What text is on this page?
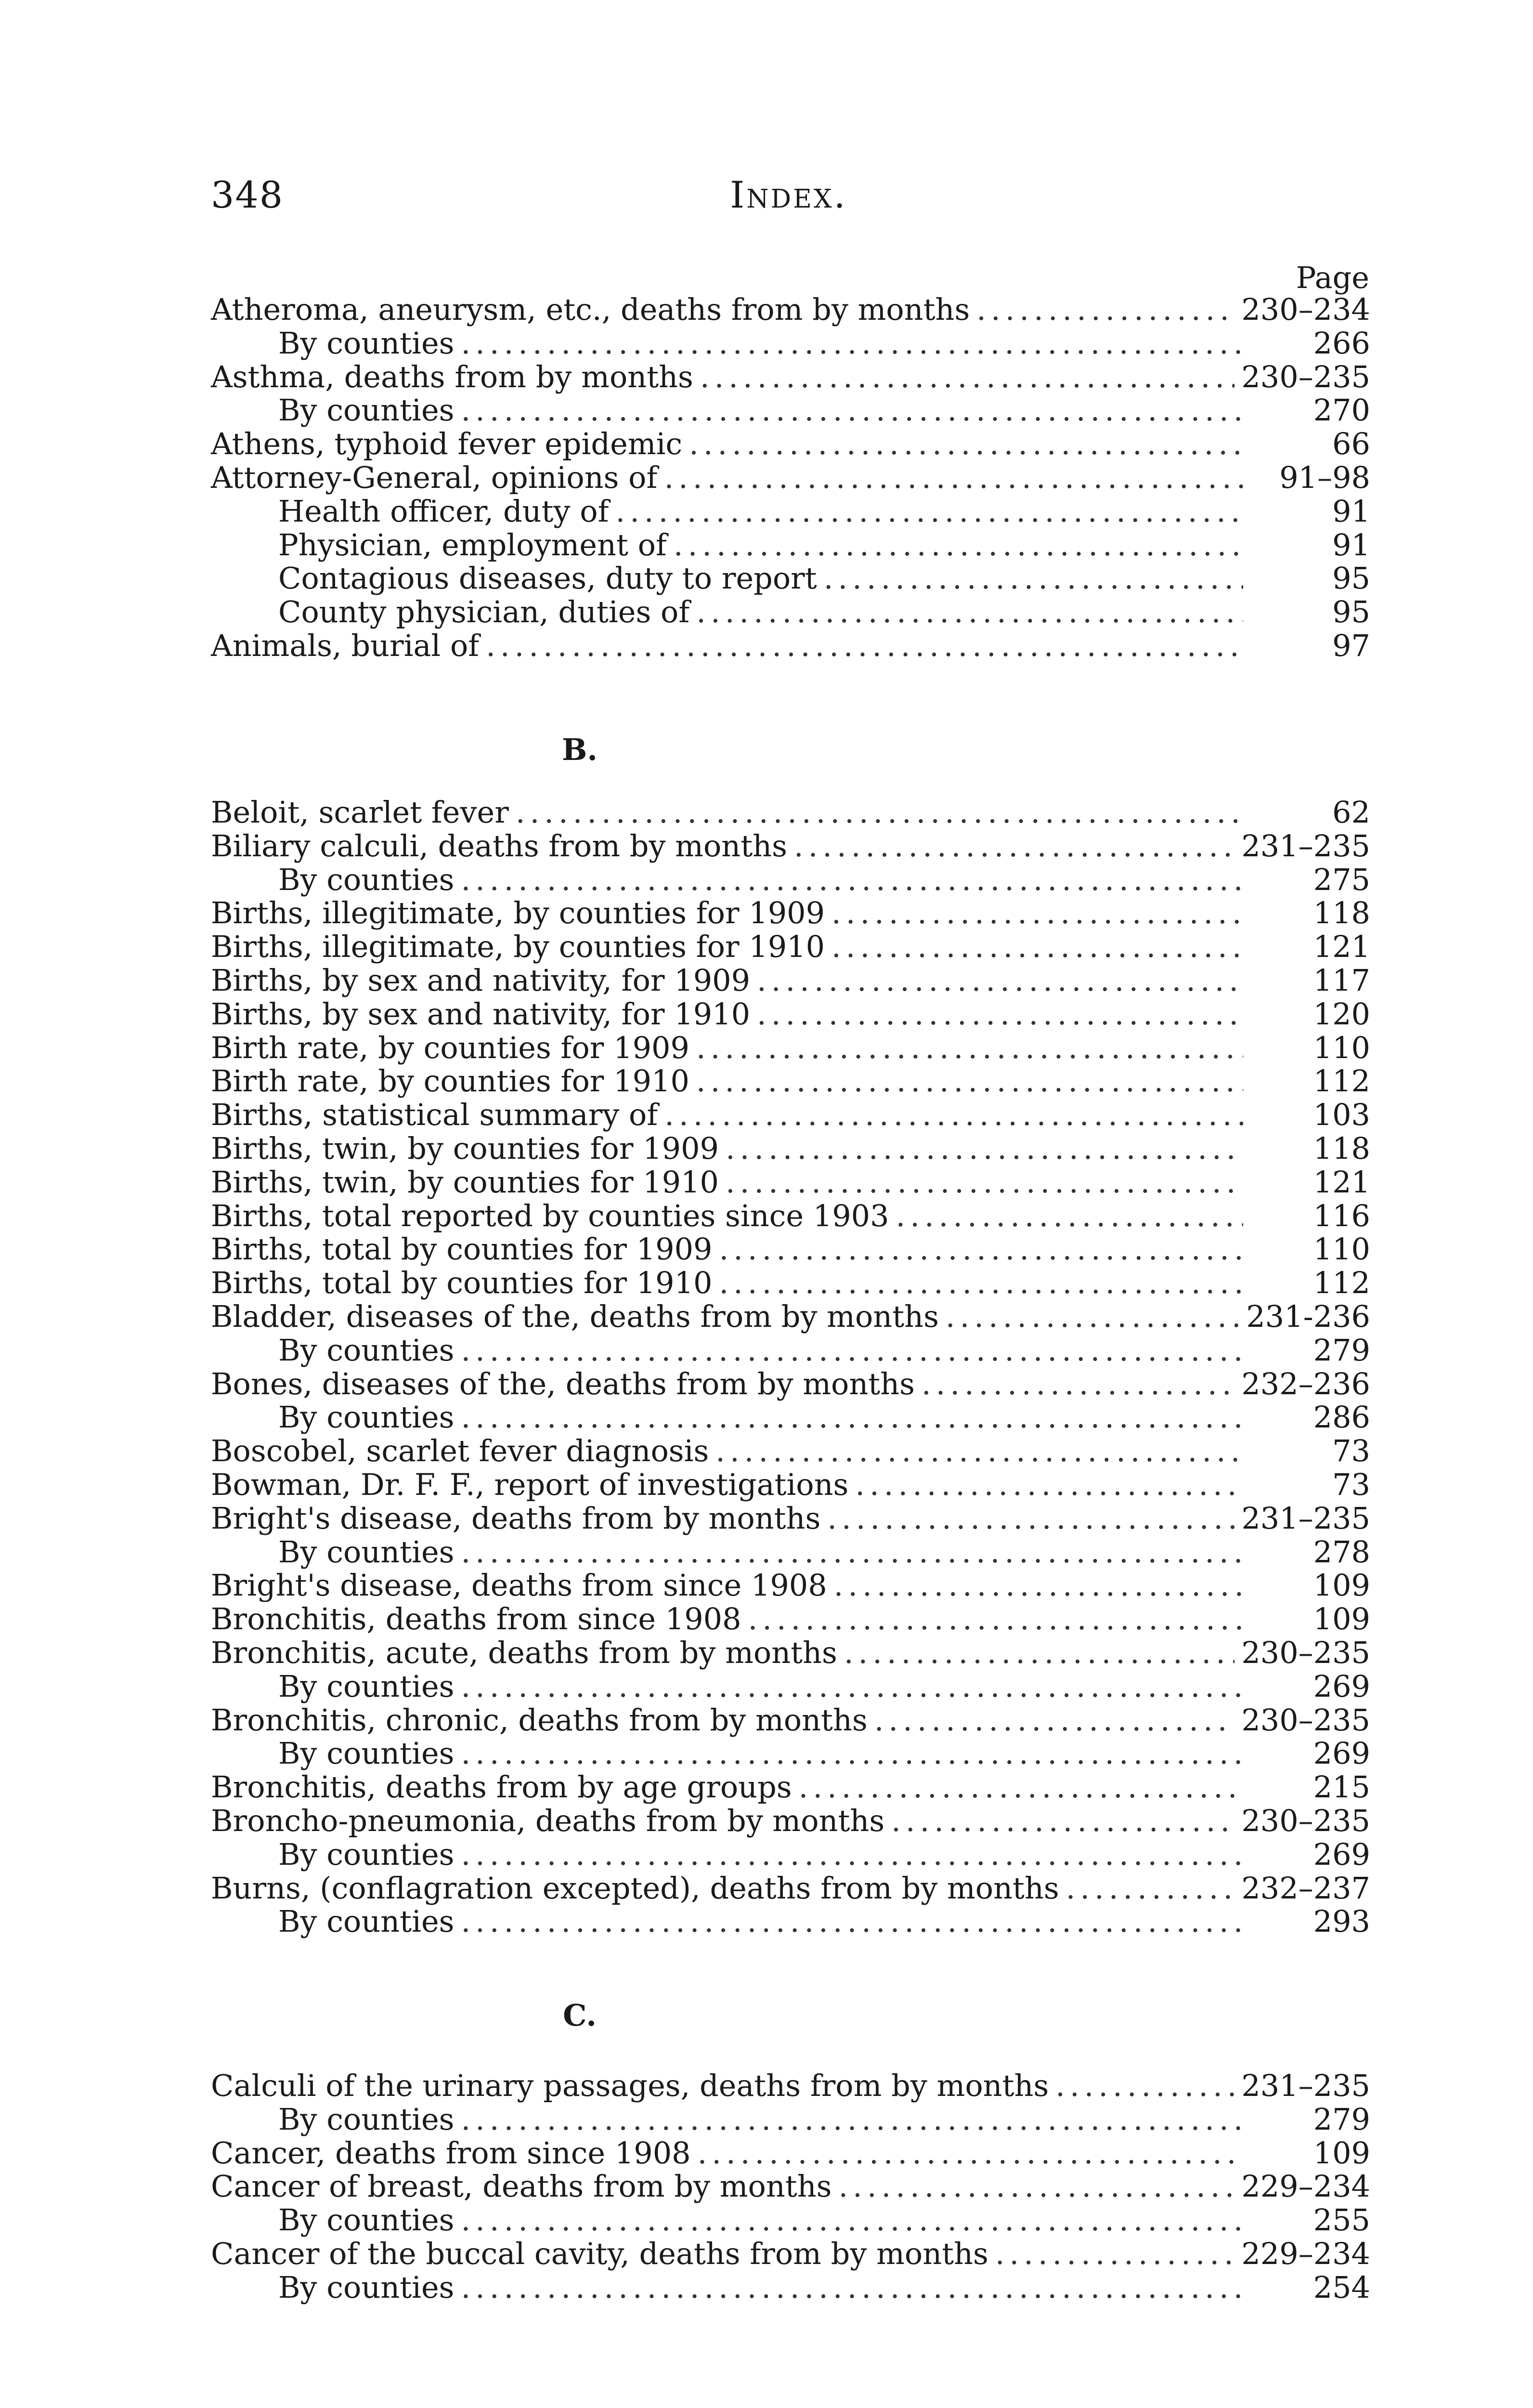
348	Index.
Page
Atheroma, aneurysm, etc., deaths from by months .....	230–234
By counties .....	266
Asthma, deaths from by months .....	230–235
By counties .....	270
Athens, typhoid fever epidemic .....	66
Attorney-General, opinions of .....	91–98
Health officer, duty of .....	91
Physician, employment of .....	91
Contagious diseases, duty to report .....	95
County physician, duties of .....	95
Animals, burial of .....	97
B.
Beloit, scarlet fever .....	62
Biliary calculi, deaths from by months .....	231–235
By counties .....	275
Births, illegitimate, by counties for 1909 .....	118
Births, illegitimate, by counties for 1910 .....	121
Births, by sex and nativity, for 1909 .....	117
Births, by sex and nativity, for 1910 .....	120
Birth rate, by counties for 1909 .....	110
Birth rate, by counties for 1910 .....	112
Births, statistical summary of .....	103
Births, twin, by counties for 1909 .....	118
Births, twin, by counties for 1910 .....	121
Births, total reported by counties since 1903 .....	116
Births, total by counties for 1909 .....	110
Births, total by counties for 1910 .....	112
Bladder, diseases of the, deaths from by months .....	231-236
By counties .....	279
Bones, diseases of the, deaths from by months .....	232–236
By counties .....	286
Boscobel, scarlet fever diagnosis .....	73
Bowman, Dr. F. F., report of investigations .....	73
Bright's disease, deaths from by months .....	231–235
By counties .....	278
Bright's disease, deaths from since 1908 .....	109
Bronchitis, deaths from since 1908 .....	109
Bronchitis, acute, deaths from by months .....	230–235
By counties .....	269
Bronchitis, chronic, deaths from by months .....	230–235
By counties .....	269
Bronchitis, deaths from by age groups .....	215
Broncho-pneumonia, deaths from by months .....	230–235
By counties .....	269
Burns, (conflagration excepted), deaths from by months .....	232–237
By counties .....	293
C.
Calculi of the urinary passages, deaths from by months .....	231–235
By counties .....	279
Cancer, deaths from since 1908 .....	109
Cancer of breast, deaths from by months .....	229–234
By counties .....	255
Cancer of the buccal cavity, deaths from by months .....	229–234
By counties .....	254
